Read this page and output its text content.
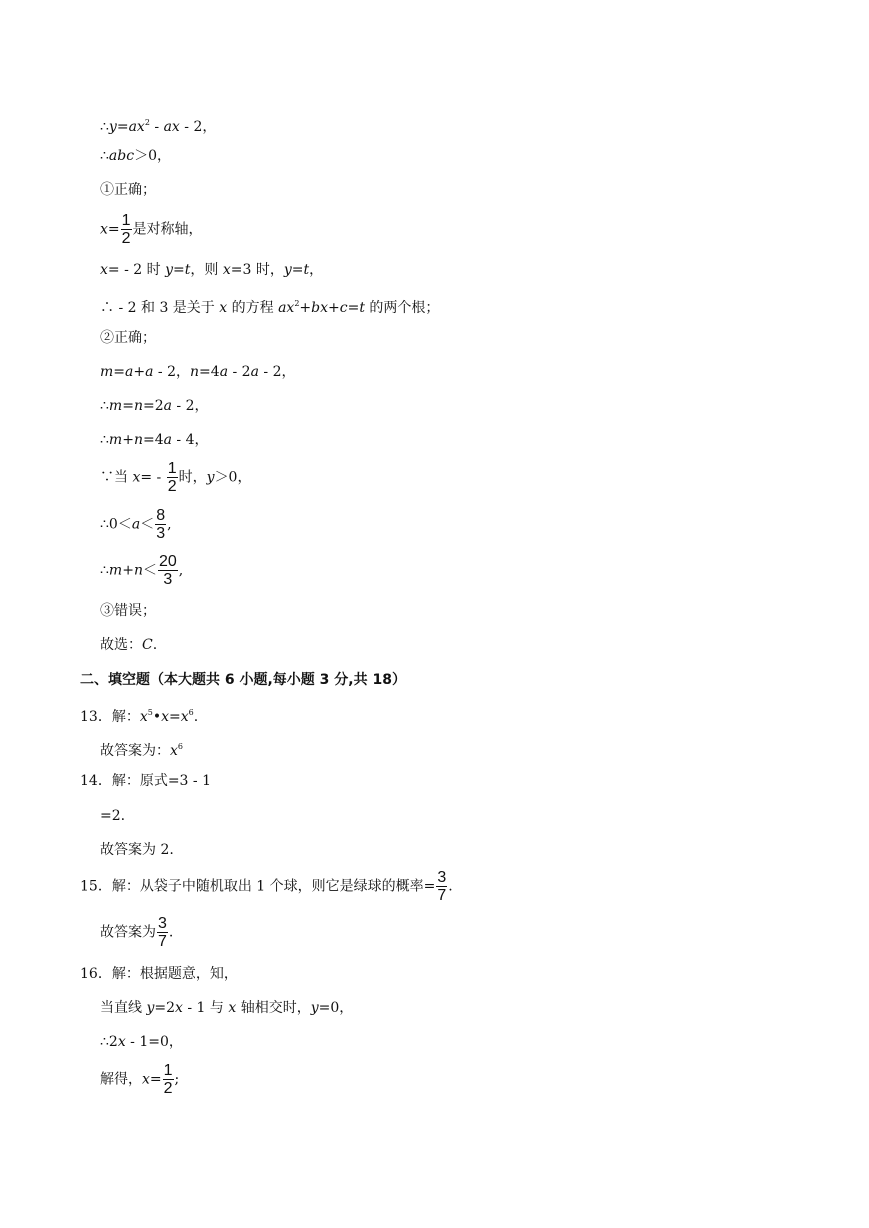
$\therefore y=ax^2$ - ax - 2，
∴abc＞0，
①正确；
$x= \frac{1}{2}$ 是对称轴，
x= - 2 时 y=t，则 x=3 时，y=t，
∴ - 2 和 3 是关于 x 的方程 $ax^2+bx+c=t$ 的两个根；
②正确；
m=a+a - 2，n=4a - 2a - 2，
∴m=n=2a - 2，
∴m+n=4a - 4，
∵当 $x= - \frac{1}{2}$ 时，y＞0，
∴0＜a＜ $\frac{8}{3}$ ,
∴m+n＜ $\frac{20}{3}$ ,
③错误；
故选：C.
二、填空题（本大题共 6 小题,每小题 3 分,共 18）
13．解：$x^5•x=x^6$.
故答案为：$x^6$
14．解：原式=3 - 1
=2.
故答案为 2.
15．解：从袋子中随机取出 1 个球，则它是绿球的概率= $\frac{3}{7}$ .
故答案为 $\frac{3}{7}$ .
16．解：根据题意，知，
当直线 y=2x - 1 与 x 轴相交时，y=0，
∴2x - 1=0，
解得，$x= \frac{1}{2}$ ;
